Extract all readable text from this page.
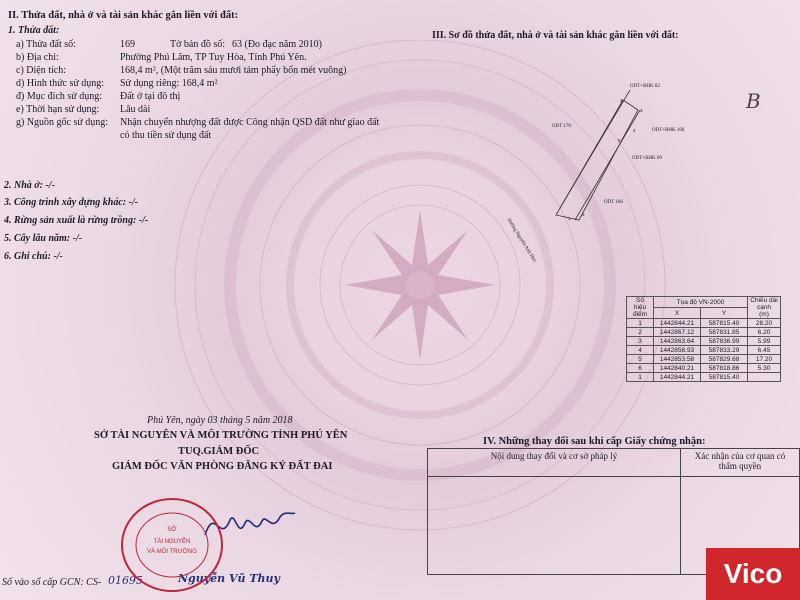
II. Thửa đất, nhà ở và tài sản khác gắn liền với đất:
1. Thửa đất:
a) Thửa đất số:	169	Tờ bản đồ số: 63 (Đo đạc năm 2010)
b) Địa chỉ:	Phường Phú Lâm, TP Tuy Hòa, Tỉnh Phú Yên.
c) Diện tích:	168,4 m², (Một trăm sáu mươi tám phẩy bốn mét vuông)
d) Hình thức sử dụng: Sử dụng riêng: 168,4 m²
đ) Mục đích sử dụng: Đất ở tại đô thị
e) Thời hạn sử dụng: Lâu dài
g) Nguồn gốc sử dụng: Nhận chuyển nhượng đất được Công nhận QSD đất như giao đất
có thu tiền sử dụng đất
2. Nhà ở: -/-
3. Công trình xây dựng khác: -/-
4. Rừng sản xuất là rừng trồng: -/-
5. Cây lâu năm: -/-
6. Ghi chú: -/-
III. Sơ đồ thửa đất, nhà ở và tài sản khác gắn liền với đất:
2
3
4
5
6
1
ODT+BHK 82
ODT 170
ODT+BHK 168
ODT+BHK 69
ODT 166
Đường Nguyễn Anh Hào
B
Số hiệu điểm	Tọa độ VN-2000		Chiều dài cạnh
(m)
	X	Y	
1	1442844.21	587815.40	28.20
2	1442867.12	587831.85	6.20
3	1442863.64	587836.99	5.99
4	1442858.93	587833.29	6.45
5	1442853.58	587829.68	17.20
6	1442840.21	587818.86	5.30
1	1442844.21	587815.40	
Phú Yên, ngày 03 tháng 5 năm 2018
SỞ TÀI NGUYÊN VÀ MÔI TRƯỜNG TỈNH PHÚ YÊN
TUQ.GIÁM ĐỐC
GIÁM ĐỐC VĂN PHÒNG ĐĂNG KÝ ĐẤT ĐAI
Nguyễn Vũ Thuy
Số vào sổ cấp GCN: CS- 01695
SỞ
TÀI NGUYÊN
VÀ MÔI TRƯỜNG
IV. Những thay đổi sau khi cấp Giấy chứng nhận:
Nội dung thay đổi và cơ sở pháp lý	Xác nhận của cơ quan có thẩm quyền

Vico
